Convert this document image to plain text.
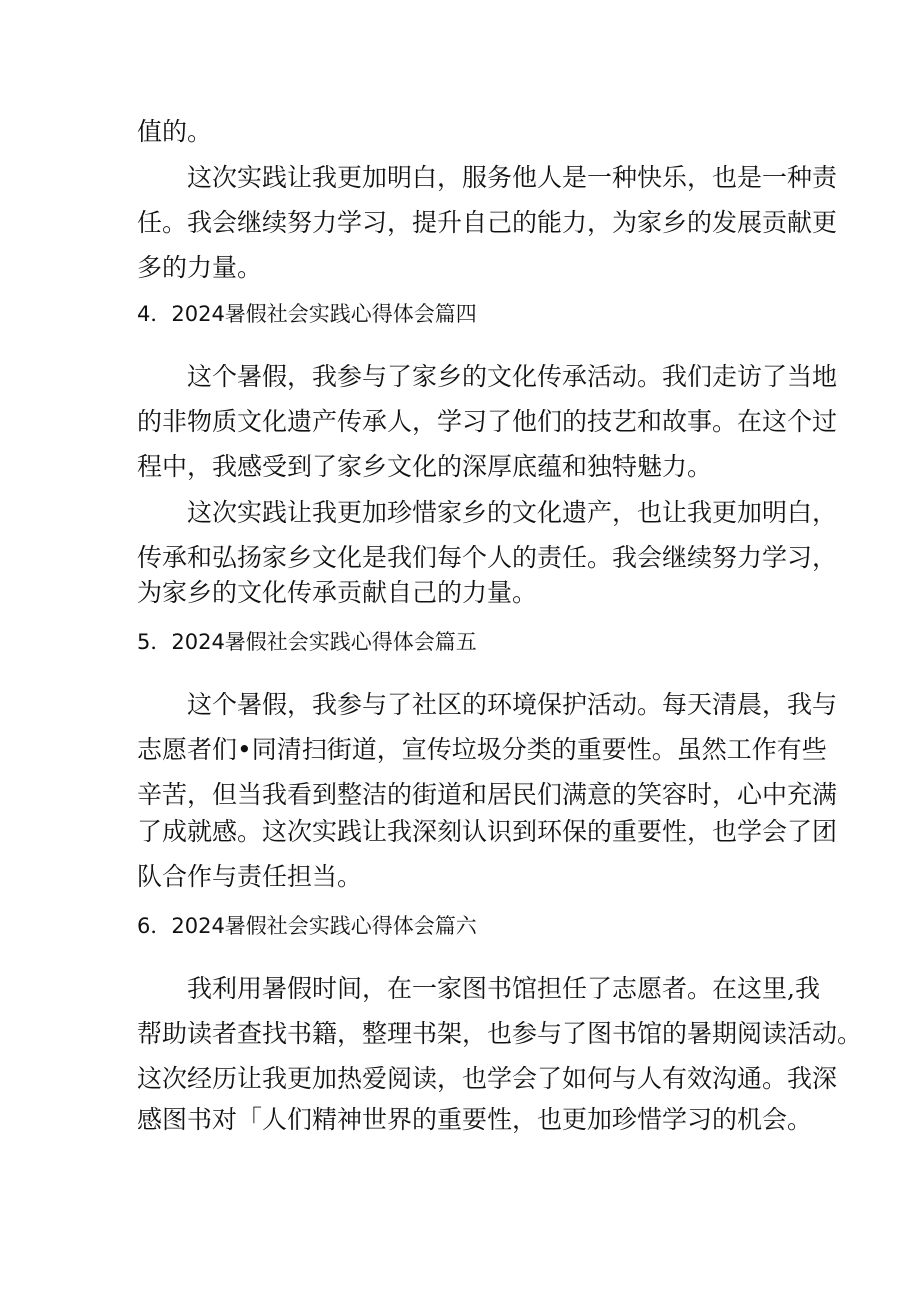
值的。
这次实践让我更加明白，服务他人是一种快乐，也是一种责
任。我会继续努力学习，提升自己的能力，为家乡的发展贡献更
多的力量。
4．2024暑假社会实践心得体会篇四
这个暑假，我参与了家乡的文化传承活动。我们走访了当地
的非物质文化遗产传承人，学习了他们的技艺和故事。在这个过
程中，我感受到了家乡文化的深厚底蕴和独特魅力。
这次实践让我更加珍惜家乡的文化遗产，也让我更加明白，
传承和弘扬家乡文化是我们每个人的责任。我会继续努力学习，
为家乡的文化传承贡献自己的力量。
5．2024暑假社会实践心得体会篇五
这个暑假，我参与了社区的环境保护活动。每天清晨，我与
志愿者们•同清扫街道，宣传垃圾分类的重要性。虽然工作有些
辛苦，但当我看到整洁的街道和居民们满意的笑容时，心中充满
了成就感。这次实践让我深刻认识到环保的重要性，也学会了团
队合作与责任担当。
6．2024暑假社会实践心得体会篇六
我利用暑假时间，在一家图书馆担任了志愿者。在这里,我
帮助读者查找书籍，整理书架，也参与了图书馆的暑期阅读活动。
这次经历让我更加热爱阅读，也学会了如何与人有效沟通。我深
感图书对「人们精神世界的重要性，也更加珍惜学习的机会。
